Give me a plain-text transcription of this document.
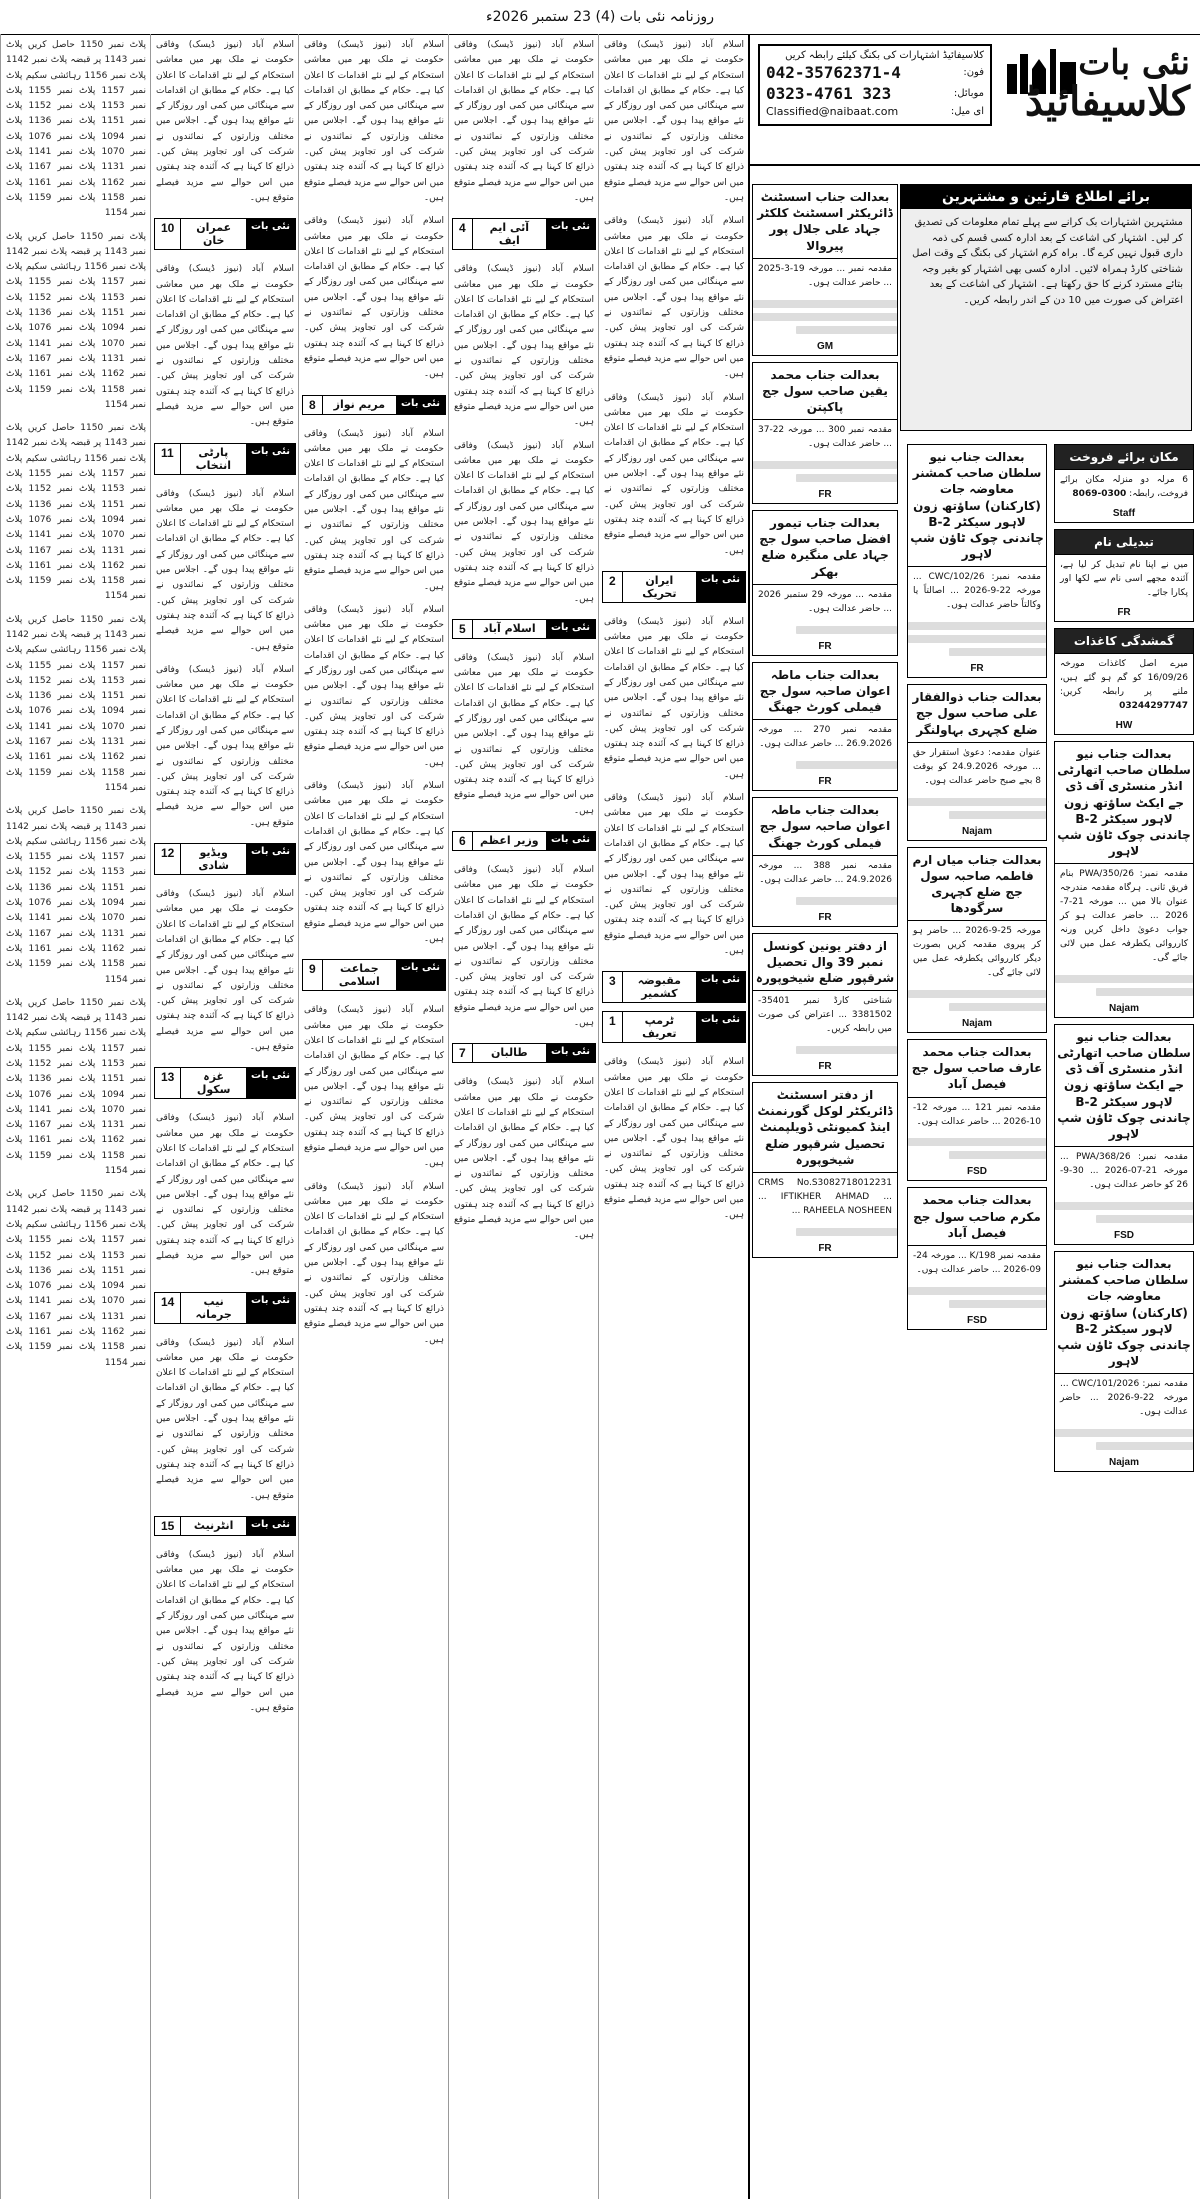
روزنامہ نئی بات (4) 23 ستمبر 2026ء
پلاٹ نمبر 1150 حاصل کریں پلاٹ نمبر 1143 پر قبضہ پلاٹ نمبر 1142 پلاٹ نمبر 1156 رہائشی سکیم پلاٹ نمبر 1157 پلاٹ نمبر 1155 پلاٹ نمبر 1153 پلاٹ نمبر 1152 پلاٹ نمبر 1151 پلاٹ نمبر 1136 پلاٹ نمبر 1094 پلاٹ نمبر 1076 پلاٹ نمبر 1070 پلاٹ نمبر 1141 پلاٹ نمبر 1131 پلاٹ نمبر 1167 پلاٹ نمبر 1162 پلاٹ نمبر 1161 پلاٹ نمبر 1158 پلاٹ نمبر 1159 پلاٹ نمبر 1154
پلاٹ نمبر 1150 حاصل کریں پلاٹ نمبر 1143 پر قبضہ پلاٹ نمبر 1142 پلاٹ نمبر 1156 رہائشی سکیم پلاٹ نمبر 1157 پلاٹ نمبر 1155 پلاٹ نمبر 1153 پلاٹ نمبر 1152 پلاٹ نمبر 1151 پلاٹ نمبر 1136 پلاٹ نمبر 1094 پلاٹ نمبر 1076 پلاٹ نمبر 1070 پلاٹ نمبر 1141 پلاٹ نمبر 1131 پلاٹ نمبر 1167 پلاٹ نمبر 1162 پلاٹ نمبر 1161 پلاٹ نمبر 1158 پلاٹ نمبر 1159 پلاٹ نمبر 1154
پلاٹ نمبر 1150 حاصل کریں پلاٹ نمبر 1143 پر قبضہ پلاٹ نمبر 1142 پلاٹ نمبر 1156 رہائشی سکیم پلاٹ نمبر 1157 پلاٹ نمبر 1155 پلاٹ نمبر 1153 پلاٹ نمبر 1152 پلاٹ نمبر 1151 پلاٹ نمبر 1136 پلاٹ نمبر 1094 پلاٹ نمبر 1076 پلاٹ نمبر 1070 پلاٹ نمبر 1141 پلاٹ نمبر 1131 پلاٹ نمبر 1167 پلاٹ نمبر 1162 پلاٹ نمبر 1161 پلاٹ نمبر 1158 پلاٹ نمبر 1159 پلاٹ نمبر 1154
پلاٹ نمبر 1150 حاصل کریں پلاٹ نمبر 1143 پر قبضہ پلاٹ نمبر 1142 پلاٹ نمبر 1156 رہائشی سکیم پلاٹ نمبر 1157 پلاٹ نمبر 1155 پلاٹ نمبر 1153 پلاٹ نمبر 1152 پلاٹ نمبر 1151 پلاٹ نمبر 1136 پلاٹ نمبر 1094 پلاٹ نمبر 1076 پلاٹ نمبر 1070 پلاٹ نمبر 1141 پلاٹ نمبر 1131 پلاٹ نمبر 1167 پلاٹ نمبر 1162 پلاٹ نمبر 1161 پلاٹ نمبر 1158 پلاٹ نمبر 1159 پلاٹ نمبر 1154
پلاٹ نمبر 1150 حاصل کریں پلاٹ نمبر 1143 پر قبضہ پلاٹ نمبر 1142 پلاٹ نمبر 1156 رہائشی سکیم پلاٹ نمبر 1157 پلاٹ نمبر 1155 پلاٹ نمبر 1153 پلاٹ نمبر 1152 پلاٹ نمبر 1151 پلاٹ نمبر 1136 پلاٹ نمبر 1094 پلاٹ نمبر 1076 پلاٹ نمبر 1070 پلاٹ نمبر 1141 پلاٹ نمبر 1131 پلاٹ نمبر 1167 پلاٹ نمبر 1162 پلاٹ نمبر 1161 پلاٹ نمبر 1158 پلاٹ نمبر 1159 پلاٹ نمبر 1154
پلاٹ نمبر 1150 حاصل کریں پلاٹ نمبر 1143 پر قبضہ پلاٹ نمبر 1142 پلاٹ نمبر 1156 رہائشی سکیم پلاٹ نمبر 1157 پلاٹ نمبر 1155 پلاٹ نمبر 1153 پلاٹ نمبر 1152 پلاٹ نمبر 1151 پلاٹ نمبر 1136 پلاٹ نمبر 1094 پلاٹ نمبر 1076 پلاٹ نمبر 1070 پلاٹ نمبر 1141 پلاٹ نمبر 1131 پلاٹ نمبر 1167 پلاٹ نمبر 1162 پلاٹ نمبر 1161 پلاٹ نمبر 1158 پلاٹ نمبر 1159 پلاٹ نمبر 1154
پلاٹ نمبر 1150 حاصل کریں پلاٹ نمبر 1143 پر قبضہ پلاٹ نمبر 1142 پلاٹ نمبر 1156 رہائشی سکیم پلاٹ نمبر 1157 پلاٹ نمبر 1155 پلاٹ نمبر 1153 پلاٹ نمبر 1152 پلاٹ نمبر 1151 پلاٹ نمبر 1136 پلاٹ نمبر 1094 پلاٹ نمبر 1076 پلاٹ نمبر 1070 پلاٹ نمبر 1141 پلاٹ نمبر 1131 پلاٹ نمبر 1167 پلاٹ نمبر 1162 پلاٹ نمبر 1161 پلاٹ نمبر 1158 پلاٹ نمبر 1159 پلاٹ نمبر 1154
اسلام آباد (نیوز ڈیسک) وفاقی حکومت نے ملک بھر میں معاشی استحکام کے لیے نئے اقدامات کا اعلان کیا ہے۔ حکام کے مطابق ان اقدامات سے مہنگائی میں کمی اور روزگار کے نئے مواقع پیدا ہوں گے۔ اجلاس میں مختلف وزارتوں کے نمائندوں نے شرکت کی اور تجاویز پیش کیں۔ ذرائع کا کہنا ہے کہ آئندہ چند ہفتوں میں اس حوالے سے مزید فیصلے متوقع ہیں۔
نئی بات
عمران خان
10
اسلام آباد (نیوز ڈیسک) وفاقی حکومت نے ملک بھر میں معاشی استحکام کے لیے نئے اقدامات کا اعلان کیا ہے۔ حکام کے مطابق ان اقدامات سے مہنگائی میں کمی اور روزگار کے نئے مواقع پیدا ہوں گے۔ اجلاس میں مختلف وزارتوں کے نمائندوں نے شرکت کی اور تجاویز پیش کیں۔ ذرائع کا کہنا ہے کہ آئندہ چند ہفتوں میں اس حوالے سے مزید فیصلے متوقع ہیں۔
نئی بات
پارٹی انتخاب
11
اسلام آباد (نیوز ڈیسک) وفاقی حکومت نے ملک بھر میں معاشی استحکام کے لیے نئے اقدامات کا اعلان کیا ہے۔ حکام کے مطابق ان اقدامات سے مہنگائی میں کمی اور روزگار کے نئے مواقع پیدا ہوں گے۔ اجلاس میں مختلف وزارتوں کے نمائندوں نے شرکت کی اور تجاویز پیش کیں۔ ذرائع کا کہنا ہے کہ آئندہ چند ہفتوں میں اس حوالے سے مزید فیصلے متوقع ہیں۔
اسلام آباد (نیوز ڈیسک) وفاقی حکومت نے ملک بھر میں معاشی استحکام کے لیے نئے اقدامات کا اعلان کیا ہے۔ حکام کے مطابق ان اقدامات سے مہنگائی میں کمی اور روزگار کے نئے مواقع پیدا ہوں گے۔ اجلاس میں مختلف وزارتوں کے نمائندوں نے شرکت کی اور تجاویز پیش کیں۔ ذرائع کا کہنا ہے کہ آئندہ چند ہفتوں میں اس حوالے سے مزید فیصلے متوقع ہیں۔
نئی بات
ویڈیو شادی
12
اسلام آباد (نیوز ڈیسک) وفاقی حکومت نے ملک بھر میں معاشی استحکام کے لیے نئے اقدامات کا اعلان کیا ہے۔ حکام کے مطابق ان اقدامات سے مہنگائی میں کمی اور روزگار کے نئے مواقع پیدا ہوں گے۔ اجلاس میں مختلف وزارتوں کے نمائندوں نے شرکت کی اور تجاویز پیش کیں۔ ذرائع کا کہنا ہے کہ آئندہ چند ہفتوں میں اس حوالے سے مزید فیصلے متوقع ہیں۔
نئی بات
غزہ سکول
13
اسلام آباد (نیوز ڈیسک) وفاقی حکومت نے ملک بھر میں معاشی استحکام کے لیے نئے اقدامات کا اعلان کیا ہے۔ حکام کے مطابق ان اقدامات سے مہنگائی میں کمی اور روزگار کے نئے مواقع پیدا ہوں گے۔ اجلاس میں مختلف وزارتوں کے نمائندوں نے شرکت کی اور تجاویز پیش کیں۔ ذرائع کا کہنا ہے کہ آئندہ چند ہفتوں میں اس حوالے سے مزید فیصلے متوقع ہیں۔
نئی بات
نیب جرمانہ
14
اسلام آباد (نیوز ڈیسک) وفاقی حکومت نے ملک بھر میں معاشی استحکام کے لیے نئے اقدامات کا اعلان کیا ہے۔ حکام کے مطابق ان اقدامات سے مہنگائی میں کمی اور روزگار کے نئے مواقع پیدا ہوں گے۔ اجلاس میں مختلف وزارتوں کے نمائندوں نے شرکت کی اور تجاویز پیش کیں۔ ذرائع کا کہنا ہے کہ آئندہ چند ہفتوں میں اس حوالے سے مزید فیصلے متوقع ہیں۔
نئی بات
انٹرنیٹ
15
اسلام آباد (نیوز ڈیسک) وفاقی حکومت نے ملک بھر میں معاشی استحکام کے لیے نئے اقدامات کا اعلان کیا ہے۔ حکام کے مطابق ان اقدامات سے مہنگائی میں کمی اور روزگار کے نئے مواقع پیدا ہوں گے۔ اجلاس میں مختلف وزارتوں کے نمائندوں نے شرکت کی اور تجاویز پیش کیں۔ ذرائع کا کہنا ہے کہ آئندہ چند ہفتوں میں اس حوالے سے مزید فیصلے متوقع ہیں۔
اسلام آباد (نیوز ڈیسک) وفاقی حکومت نے ملک بھر میں معاشی استحکام کے لیے نئے اقدامات کا اعلان کیا ہے۔ حکام کے مطابق ان اقدامات سے مہنگائی میں کمی اور روزگار کے نئے مواقع پیدا ہوں گے۔ اجلاس میں مختلف وزارتوں کے نمائندوں نے شرکت کی اور تجاویز پیش کیں۔ ذرائع کا کہنا ہے کہ آئندہ چند ہفتوں میں اس حوالے سے مزید فیصلے متوقع ہیں۔
اسلام آباد (نیوز ڈیسک) وفاقی حکومت نے ملک بھر میں معاشی استحکام کے لیے نئے اقدامات کا اعلان کیا ہے۔ حکام کے مطابق ان اقدامات سے مہنگائی میں کمی اور روزگار کے نئے مواقع پیدا ہوں گے۔ اجلاس میں مختلف وزارتوں کے نمائندوں نے شرکت کی اور تجاویز پیش کیں۔ ذرائع کا کہنا ہے کہ آئندہ چند ہفتوں میں اس حوالے سے مزید فیصلے متوقع ہیں۔
نئی بات
مریم نواز
8
اسلام آباد (نیوز ڈیسک) وفاقی حکومت نے ملک بھر میں معاشی استحکام کے لیے نئے اقدامات کا اعلان کیا ہے۔ حکام کے مطابق ان اقدامات سے مہنگائی میں کمی اور روزگار کے نئے مواقع پیدا ہوں گے۔ اجلاس میں مختلف وزارتوں کے نمائندوں نے شرکت کی اور تجاویز پیش کیں۔ ذرائع کا کہنا ہے کہ آئندہ چند ہفتوں میں اس حوالے سے مزید فیصلے متوقع ہیں۔
اسلام آباد (نیوز ڈیسک) وفاقی حکومت نے ملک بھر میں معاشی استحکام کے لیے نئے اقدامات کا اعلان کیا ہے۔ حکام کے مطابق ان اقدامات سے مہنگائی میں کمی اور روزگار کے نئے مواقع پیدا ہوں گے۔ اجلاس میں مختلف وزارتوں کے نمائندوں نے شرکت کی اور تجاویز پیش کیں۔ ذرائع کا کہنا ہے کہ آئندہ چند ہفتوں میں اس حوالے سے مزید فیصلے متوقع ہیں۔
اسلام آباد (نیوز ڈیسک) وفاقی حکومت نے ملک بھر میں معاشی استحکام کے لیے نئے اقدامات کا اعلان کیا ہے۔ حکام کے مطابق ان اقدامات سے مہنگائی میں کمی اور روزگار کے نئے مواقع پیدا ہوں گے۔ اجلاس میں مختلف وزارتوں کے نمائندوں نے شرکت کی اور تجاویز پیش کیں۔ ذرائع کا کہنا ہے کہ آئندہ چند ہفتوں میں اس حوالے سے مزید فیصلے متوقع ہیں۔
نئی بات
جماعت اسلامی
9
اسلام آباد (نیوز ڈیسک) وفاقی حکومت نے ملک بھر میں معاشی استحکام کے لیے نئے اقدامات کا اعلان کیا ہے۔ حکام کے مطابق ان اقدامات سے مہنگائی میں کمی اور روزگار کے نئے مواقع پیدا ہوں گے۔ اجلاس میں مختلف وزارتوں کے نمائندوں نے شرکت کی اور تجاویز پیش کیں۔ ذرائع کا کہنا ہے کہ آئندہ چند ہفتوں میں اس حوالے سے مزید فیصلے متوقع ہیں۔
اسلام آباد (نیوز ڈیسک) وفاقی حکومت نے ملک بھر میں معاشی استحکام کے لیے نئے اقدامات کا اعلان کیا ہے۔ حکام کے مطابق ان اقدامات سے مہنگائی میں کمی اور روزگار کے نئے مواقع پیدا ہوں گے۔ اجلاس میں مختلف وزارتوں کے نمائندوں نے شرکت کی اور تجاویز پیش کیں۔ ذرائع کا کہنا ہے کہ آئندہ چند ہفتوں میں اس حوالے سے مزید فیصلے متوقع ہیں۔
اسلام آباد (نیوز ڈیسک) وفاقی حکومت نے ملک بھر میں معاشی استحکام کے لیے نئے اقدامات کا اعلان کیا ہے۔ حکام کے مطابق ان اقدامات سے مہنگائی میں کمی اور روزگار کے نئے مواقع پیدا ہوں گے۔ اجلاس میں مختلف وزارتوں کے نمائندوں نے شرکت کی اور تجاویز پیش کیں۔ ذرائع کا کہنا ہے کہ آئندہ چند ہفتوں میں اس حوالے سے مزید فیصلے متوقع ہیں۔
نئی بات
آئی ایم ایف
4
اسلام آباد (نیوز ڈیسک) وفاقی حکومت نے ملک بھر میں معاشی استحکام کے لیے نئے اقدامات کا اعلان کیا ہے۔ حکام کے مطابق ان اقدامات سے مہنگائی میں کمی اور روزگار کے نئے مواقع پیدا ہوں گے۔ اجلاس میں مختلف وزارتوں کے نمائندوں نے شرکت کی اور تجاویز پیش کیں۔ ذرائع کا کہنا ہے کہ آئندہ چند ہفتوں میں اس حوالے سے مزید فیصلے متوقع ہیں۔
اسلام آباد (نیوز ڈیسک) وفاقی حکومت نے ملک بھر میں معاشی استحکام کے لیے نئے اقدامات کا اعلان کیا ہے۔ حکام کے مطابق ان اقدامات سے مہنگائی میں کمی اور روزگار کے نئے مواقع پیدا ہوں گے۔ اجلاس میں مختلف وزارتوں کے نمائندوں نے شرکت کی اور تجاویز پیش کیں۔ ذرائع کا کہنا ہے کہ آئندہ چند ہفتوں میں اس حوالے سے مزید فیصلے متوقع ہیں۔
نئی بات
اسلام آباد
5
اسلام آباد (نیوز ڈیسک) وفاقی حکومت نے ملک بھر میں معاشی استحکام کے لیے نئے اقدامات کا اعلان کیا ہے۔ حکام کے مطابق ان اقدامات سے مہنگائی میں کمی اور روزگار کے نئے مواقع پیدا ہوں گے۔ اجلاس میں مختلف وزارتوں کے نمائندوں نے شرکت کی اور تجاویز پیش کیں۔ ذرائع کا کہنا ہے کہ آئندہ چند ہفتوں میں اس حوالے سے مزید فیصلے متوقع ہیں۔
نئی بات
وزیر اعظم
6
اسلام آباد (نیوز ڈیسک) وفاقی حکومت نے ملک بھر میں معاشی استحکام کے لیے نئے اقدامات کا اعلان کیا ہے۔ حکام کے مطابق ان اقدامات سے مہنگائی میں کمی اور روزگار کے نئے مواقع پیدا ہوں گے۔ اجلاس میں مختلف وزارتوں کے نمائندوں نے شرکت کی اور تجاویز پیش کیں۔ ذرائع کا کہنا ہے کہ آئندہ چند ہفتوں میں اس حوالے سے مزید فیصلے متوقع ہیں۔
نئی بات
طالبان
7
اسلام آباد (نیوز ڈیسک) وفاقی حکومت نے ملک بھر میں معاشی استحکام کے لیے نئے اقدامات کا اعلان کیا ہے۔ حکام کے مطابق ان اقدامات سے مہنگائی میں کمی اور روزگار کے نئے مواقع پیدا ہوں گے۔ اجلاس میں مختلف وزارتوں کے نمائندوں نے شرکت کی اور تجاویز پیش کیں۔ ذرائع کا کہنا ہے کہ آئندہ چند ہفتوں میں اس حوالے سے مزید فیصلے متوقع ہیں۔
اسلام آباد (نیوز ڈیسک) وفاقی حکومت نے ملک بھر میں معاشی استحکام کے لیے نئے اقدامات کا اعلان کیا ہے۔ حکام کے مطابق ان اقدامات سے مہنگائی میں کمی اور روزگار کے نئے مواقع پیدا ہوں گے۔ اجلاس میں مختلف وزارتوں کے نمائندوں نے شرکت کی اور تجاویز پیش کیں۔ ذرائع کا کہنا ہے کہ آئندہ چند ہفتوں میں اس حوالے سے مزید فیصلے متوقع ہیں۔
اسلام آباد (نیوز ڈیسک) وفاقی حکومت نے ملک بھر میں معاشی استحکام کے لیے نئے اقدامات کا اعلان کیا ہے۔ حکام کے مطابق ان اقدامات سے مہنگائی میں کمی اور روزگار کے نئے مواقع پیدا ہوں گے۔ اجلاس میں مختلف وزارتوں کے نمائندوں نے شرکت کی اور تجاویز پیش کیں۔ ذرائع کا کہنا ہے کہ آئندہ چند ہفتوں میں اس حوالے سے مزید فیصلے متوقع ہیں۔
اسلام آباد (نیوز ڈیسک) وفاقی حکومت نے ملک بھر میں معاشی استحکام کے لیے نئے اقدامات کا اعلان کیا ہے۔ حکام کے مطابق ان اقدامات سے مہنگائی میں کمی اور روزگار کے نئے مواقع پیدا ہوں گے۔ اجلاس میں مختلف وزارتوں کے نمائندوں نے شرکت کی اور تجاویز پیش کیں۔ ذرائع کا کہنا ہے کہ آئندہ چند ہفتوں میں اس حوالے سے مزید فیصلے متوقع ہیں۔
نئی بات
ایران تحریک
2
اسلام آباد (نیوز ڈیسک) وفاقی حکومت نے ملک بھر میں معاشی استحکام کے لیے نئے اقدامات کا اعلان کیا ہے۔ حکام کے مطابق ان اقدامات سے مہنگائی میں کمی اور روزگار کے نئے مواقع پیدا ہوں گے۔ اجلاس میں مختلف وزارتوں کے نمائندوں نے شرکت کی اور تجاویز پیش کیں۔ ذرائع کا کہنا ہے کہ آئندہ چند ہفتوں میں اس حوالے سے مزید فیصلے متوقع ہیں۔
اسلام آباد (نیوز ڈیسک) وفاقی حکومت نے ملک بھر میں معاشی استحکام کے لیے نئے اقدامات کا اعلان کیا ہے۔ حکام کے مطابق ان اقدامات سے مہنگائی میں کمی اور روزگار کے نئے مواقع پیدا ہوں گے۔ اجلاس میں مختلف وزارتوں کے نمائندوں نے شرکت کی اور تجاویز پیش کیں۔ ذرائع کا کہنا ہے کہ آئندہ چند ہفتوں میں اس حوالے سے مزید فیصلے متوقع ہیں۔
نئی بات
مقبوضہ کشمیر
3
نئی بات
ٹرمپ تعریف
1
اسلام آباد (نیوز ڈیسک) وفاقی حکومت نے ملک بھر میں معاشی استحکام کے لیے نئے اقدامات کا اعلان کیا ہے۔ حکام کے مطابق ان اقدامات سے مہنگائی میں کمی اور روزگار کے نئے مواقع پیدا ہوں گے۔ اجلاس میں مختلف وزارتوں کے نمائندوں نے شرکت کی اور تجاویز پیش کیں۔ ذرائع کا کہنا ہے کہ آئندہ چند ہفتوں میں اس حوالے سے مزید فیصلے متوقع ہیں۔
نئی بات
کلاسیفائیڈ
کلاسیفائیڈ اشتہارات کی بکنگ کیلئے رابطہ کریں
فون:
042-35762371-4
موبائل:
0323-4761 323
ای میل:
Classified@naibaat.com
برائے اطلاع قارئین و مشتہرین
مشتہرین اشتہارات بک کرانے سے پہلے تمام معلومات کی تصدیق کر لیں۔ اشتہار کی اشاعت کے بعد ادارہ کسی قسم کی ذمہ داری قبول نہیں کرے گا۔ براہ کرم اشتہار کی بکنگ کے وقت اصل شناختی کارڈ ہمراہ لائیں۔ ادارہ کسی بھی اشتہار کو بغیر وجہ بتائے مسترد کرنے کا حق رکھتا ہے۔ اشتہار کی اشاعت کے بعد اعتراض کی صورت میں 10 دن کے اندر رابطہ کریں۔
مکان برائے فروخت
6 مرلہ دو منزلہ مکان برائے فروخت، رابطہ: 0300-8069
Staff
تبدیلی نام
میں نے اپنا نام تبدیل کر لیا ہے، آئندہ مجھے اسی نام سے لکھا اور پکارا جائے۔
FR
گمشدگی کاغذات
میرے اصل کاغذات مورخہ 16/09/26 کو گم ہو گئے ہیں، ملنے پر رابطہ کریں: 03244297747
HW
بعدالت جناب نیو سلطان صاحب اتھارٹی انڈر منسٹری آف ڈی جے ایکٹ ساؤتھ زون لاہور سیکٹر B-2 چاندنی چوک ٹاؤن شپ لاہور
مقدمہ نمبر: PWA/350/26 بنام فریق ثانی۔ ہرگاہ مقدمہ مندرجہ عنوان بالا میں ... مورخہ 21-7-2026 ... حاضر عدالت ہو کر جواب دعویٰ داخل کریں ورنہ کارروائی یکطرفہ عمل میں لائی جائے گی۔
Najam
بعدالت جناب نیو سلطان صاحب اتھارٹی انڈر منسٹری آف ڈی جے ایکٹ ساؤتھ زون لاہور سیکٹر B-2 چاندنی چوک ٹاؤن شپ لاہور
مقدمہ نمبر: PWA/368/26 ... مورخہ 21-07-2026 ... 30-9-26 کو حاضر عدالت ہوں۔
FSD
بعدالت جناب نیو سلطان صاحب کمشنر معاوضہ جات (کارکنان) ساؤتھ زون لاہور سیکٹر B-2 چاندنی چوک ٹاؤن شپ لاہور
مقدمہ نمبر: CWC/101/2026 ... مورخہ 22-9-2026 ... حاضر عدالت ہوں۔
Najam
بعدالت جناب نیو سلطان صاحب کمشنر معاوضہ جات (کارکنان) ساؤتھ زون لاہور سیکٹر B-2 چاندنی چوک ٹاؤن شپ لاہور
مقدمہ نمبر: CWC/102/26 ... مورخہ 22-9-2026 ... اصالتاً یا وکالتاً حاضر عدالت ہوں۔
FR
بعدالت جناب ذوالفقار علی صاحب سول جج ضلع کچہری بہاولنگر
عنوان مقدمہ: دعویٰ استقرار حق ... مورخہ 24.9.2026 کو بوقت 8 بجے صبح حاضر عدالت ہوں۔
Najam
بعدالت جناب میاں ارم فاطمہ صاحبہ سول جج ضلع کچہری سرگودھا
مورخہ 25-9-2026 ... حاضر ہو کر پیروی مقدمہ کریں بصورت دیگر کارروائی یکطرفہ عمل میں لائی جائے گی۔
Najam
بعدالت جناب محمد عارف صاحب سول جج فیصل آباد
مقدمہ نمبر 121 ... مورخہ 12-10-2026 ... حاضر عدالت ہوں۔
FSD
بعدالت جناب محمد مکرم صاحب سول جج فیصل آباد
مقدمہ نمبر 198/K ... مورخہ 24-09-2026 ... حاضر عدالت ہوں۔
FSD
بعدالت جناب اسسٹنٹ ڈائریکٹر اسسٹنٹ کلکٹر جہاد علی جلال پور پیروالا
مقدمہ نمبر ... مورخہ 19-3-2025 ... حاضر عدالت ہوں۔
GM
بعدالت جناب محمد یقین صاحب سول جج پاکپتن
مقدمہ نمبر 300 ... مورخہ 22-37 ... حاضر عدالت ہوں۔
FR
بعدالت جناب تیمور افضل صاحب سول جج جہاد علی منگیرہ ضلع بھکر
مقدمہ ... مورخہ 29 ستمبر 2026 ... حاضر عدالت ہوں۔
FR
بعدالت جناب ماطہ اعوان صاحبہ سول جج فیملی کورٹ جھنگ
مقدمہ نمبر 270 ... مورخہ 26.9.2026 ... حاضر عدالت ہوں۔
FR
بعدالت جناب ماطہ اعوان صاحبہ سول جج فیملی کورٹ جھنگ
مقدمہ نمبر 388 ... مورخہ 24.9.2026 ... حاضر عدالت ہوں۔
FR
از دفتر یونین کونسل نمبر 39 وال تحصیل شرقپور ضلع شیخوپورہ
شناختی کارڈ نمبر 35401-3381502 ... اعتراض کی صورت میں رابطہ کریں۔
FR
از دفتر اسسٹنٹ ڈائریکٹر لوکل گورنمنٹ اینڈ کمیونٹی ڈویلپمنٹ تحصیل شرقپور ضلع شیخوپورہ
CRMS No.S3082718012231 ... IFTIKHER AHMAD ... RAHEELA NOSHEEN ...
FR
